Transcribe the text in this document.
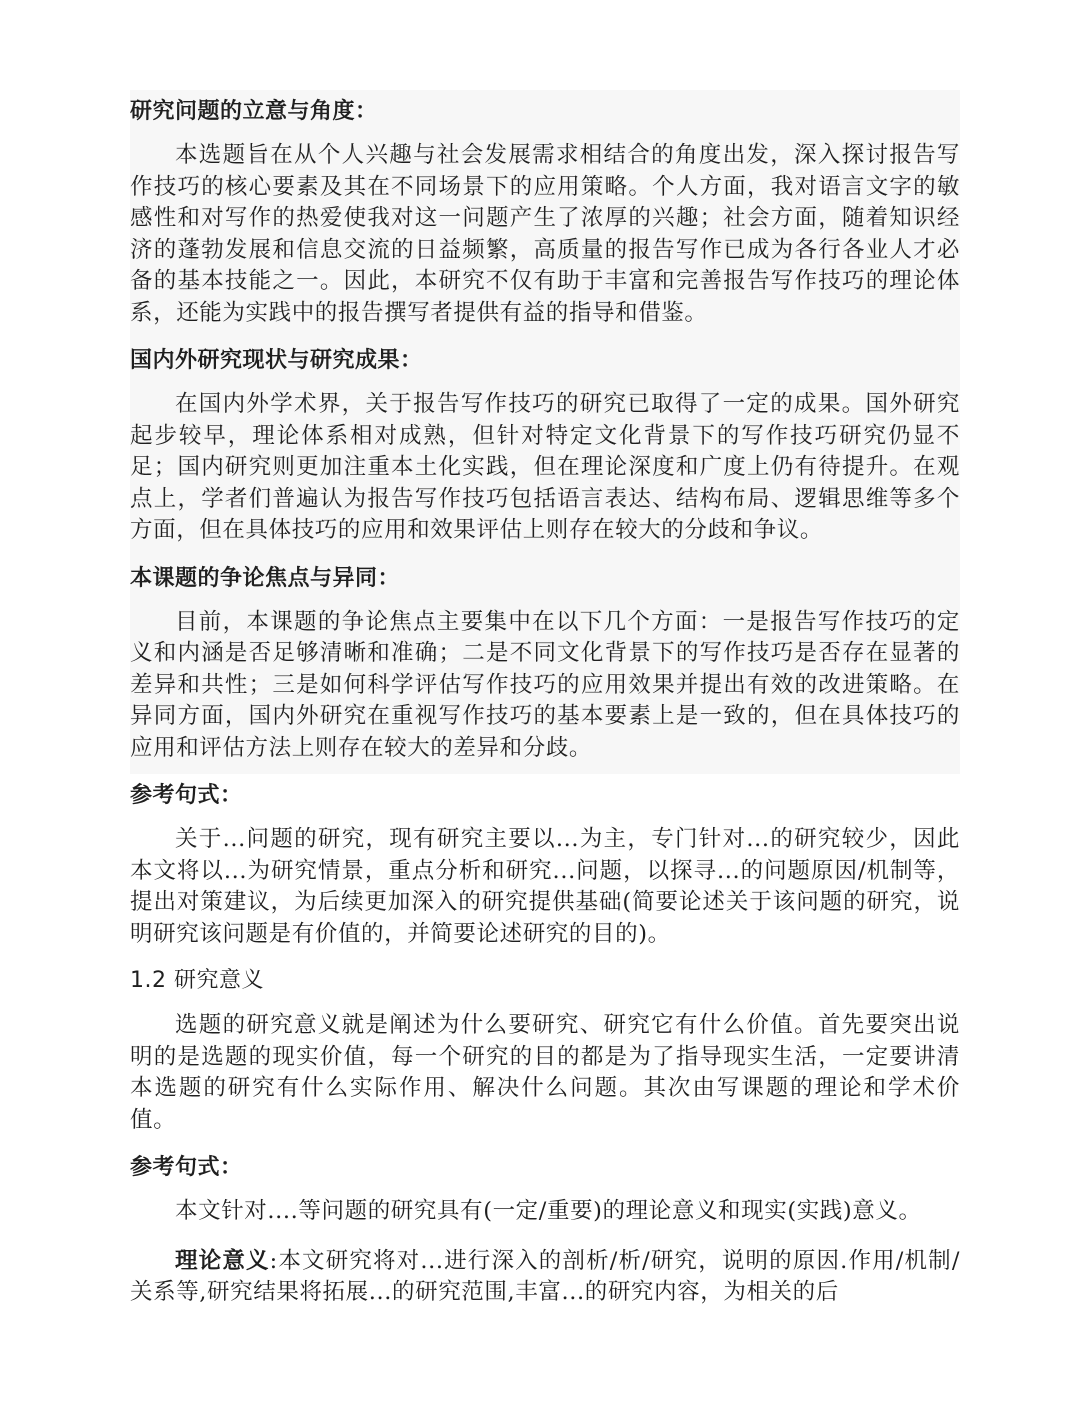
研究问题的立意与角度：

本选题旨在从个人兴趣与社会发展需求相结合的角度出发，深入探讨报告写作技巧的核心要素及其在不同场景下的应用策略。个人方面，我对语言文字的敏感性和对写作的热爱使我对这一问题产生了浓厚的兴趣；社会方面，随着知识经济的蓬勃发展和信息交流的日益频繁，高质量的报告写作已成为各行各业人才必备的基本技能之一。因此，本研究不仅有助于丰富和完善报告写作技巧的理论体系，还能为实践中的报告撰写者提供有益的指导和借鉴。

国内外研究现状与研究成果：

在国内外学术界，关于报告写作技巧的研究已取得了一定的成果。国外研究起步较早，理论体系相对成熟，但针对特定文化背景下的写作技巧研究仍显不足；国内研究则更加注重本土化实践，但在理论深度和广度上仍有待提升。在观点上，学者们普遍认为报告写作技巧包括语言表达、结构布局、逻辑思维等多个方面，但在具体技巧的应用和效果评估上则存在较大的分歧和争议。

本课题的争论焦点与异同：

目前，本课题的争论焦点主要集中在以下几个方面：一是报告写作技巧的定义和内涵是否足够清晰和准确；二是不同文化背景下的写作技巧是否存在显著的差异和共性；三是如何科学评估写作技巧的应用效果并提出有效的改进策略。在异同方面，国内外研究在重视写作技巧的基本要素上是一致的，但在具体技巧的应用和评估方法上则存在较大的差异和分歧。

参考句式：

关于...问题的研究，现有研究主要以...为主，专门针对...的研究较少，因此本文将以...为研究情景，重点分析和研究...问题，以探寻...的问题原因/机制等，提出对策建议，为后续更加深入的研究提供基础(简要论述关于该问题的研究，说明研究该问题是有价值的，并简要论述研究的目的)。

1.2 研究意义

选题的研究意义就是阐述为什么要研究、研究它有什么价值。首先要突出说明的是选题的现实价值，每一个研究的目的都是为了指导现实生活，一定要讲清本选题的研究有什么实际作用、解决什么问题。其次由写课题的理论和学术价值。

参考句式：

本文针对....等问题的研究具有(一定/重要)的理论意义和现实(实践)意义。

理论意义:本文研究将对...进行深入的剖析/析/研究，说明的原因.作用/机制/关系等,研究结果将拓展...的研究范围,丰富...的研究内容，为相关的后
